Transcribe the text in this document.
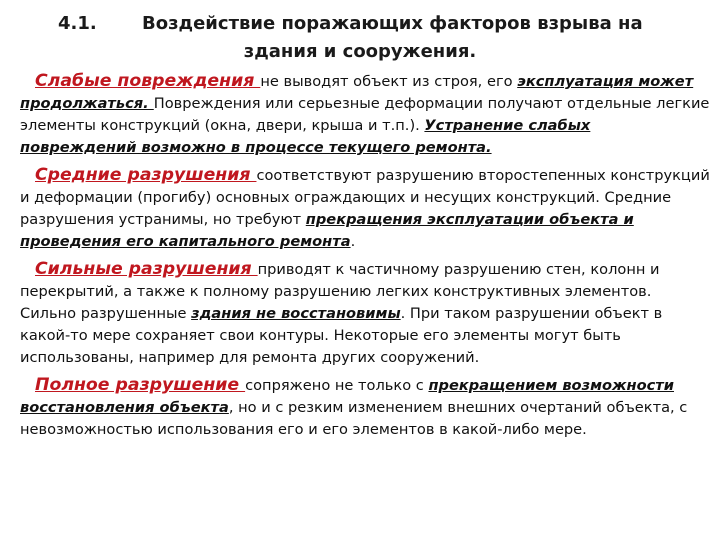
4.1.	Воздействие поражающих факторов взрыва на
здания и сооружения.

Слабые повреждения не выводят объект из строя, его эксплуатация может продолжаться. Повреждения или серьезные деформации получают отдельные легкие элементы конструкций (окна, двери, крыша и т.п.). Устранение слабых повреждений возможно в процессе текущего ремонта.

Средние разрушения соответствуют разрушению второстепенных конструкций и деформации (прогибу) основных ограждающих и несущих конструкций. Средние разрушения устранимы, но требуют прекращения эксплуатации объекта и проведения его капитального ремонта.

Сильные разрушения приводят к частичному разрушению стен, колонн и перекрытий, а также к полному разрушению легких конструктивных элементов. Сильно разрушенные здания не восстановимы. При таком разрушении объект в какой-то мере сохраняет свои контуры. Некоторые его элементы могут быть использованы, например для ремонта других сооружений.

Полное разрушение сопряжено не только с прекращением возможности восстановления объекта, но и с резким изменением внешних очертаний объекта, с невозможностью использования его и его элементов в какой-либо мере.
